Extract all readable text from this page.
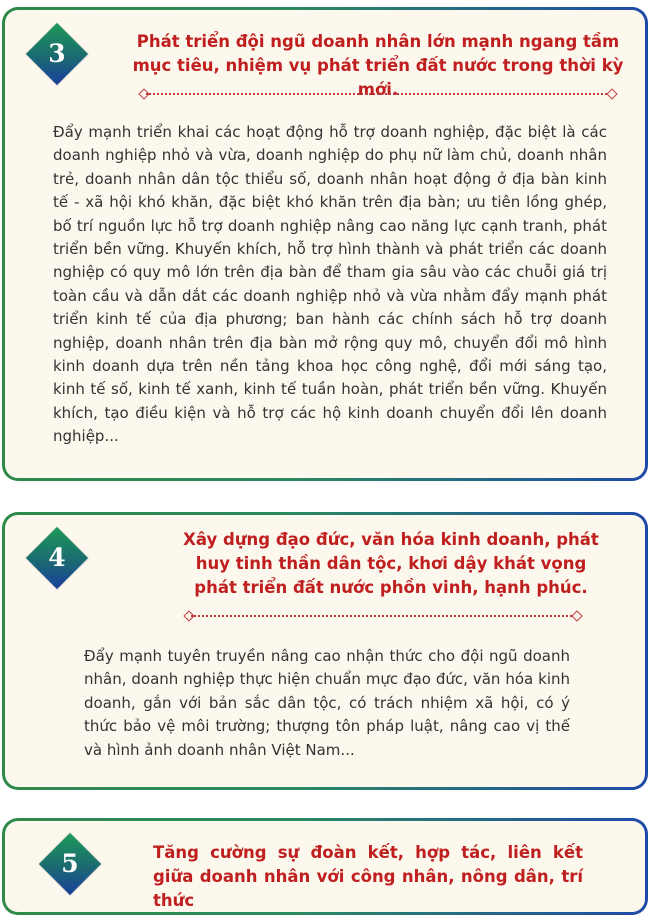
3	Phát triển đội ngũ doanh nhân lớn mạnh ngang tầm mục tiêu, nhiệm vụ phát triển đất nước trong thời kỳ mới.
Đẩy mạnh triển khai các hoạt động hỗ trợ doanh nghiệp, đặc biệt là các doanh nghiệp nhỏ và vừa, doanh nghiệp do phụ nữ làm chủ, doanh nhân trẻ, doanh nhân dân tộc thiểu số, doanh nhân hoạt động ở địa bàn kinh tế - xã hội khó khăn, đặc biệt khó khăn trên địa bàn; ưu tiên lồng ghép, bố trí nguồn lực hỗ trợ doanh nghiệp nâng cao năng lực cạnh tranh, phát triển bền vững. Khuyến khích, hỗ trợ hình thành và phát triển các doanh nghiệp có quy mô lớn trên địa bàn để tham gia sâu vào các chuỗi giá trị toàn cầu và dẫn dắt các doanh nghiệp nhỏ và vừa nhằm đẩy mạnh phát triển kinh tế của địa phương; ban hành các chính sách hỗ trợ doanh nghiệp, doanh nhân trên địa bàn mở rộng quy mô, chuyển đổi mô hình kinh doanh dựa trên nền tảng khoa học công nghệ, đổi mới sáng tạo, kinh tế số, kinh tế xanh, kinh tế tuần hoàn, phát triển bền vững. Khuyến khích, tạo điều kiện và hỗ trợ các hộ kinh doanh chuyển đổi lên doanh nghiệp...
4
Xây dựng đạo đức, văn hóa kinh doanh, phát huy tinh thần dân tộc, khơi dậy khát vọng phát triển đất nước phồn vinh, hạnh phúc.
Đẩy mạnh tuyên truyền nâng cao nhận thức cho đội ngũ doanh nhân, doanh nghiệp thực hiện chuẩn mực đạo đức, văn hóa kinh doanh, gắn với bản sắc dân tộc, có trách nhiệm xã hội, có ý thức bảo vệ môi trường; thượng tôn pháp luật, nâng cao vị thế và hình ảnh doanh nhân Việt Nam...
5	Tăng cường sự đoàn kết, hợp tác, liên kết giữa doanh nhân với công nhân, nông dân, trí thức
